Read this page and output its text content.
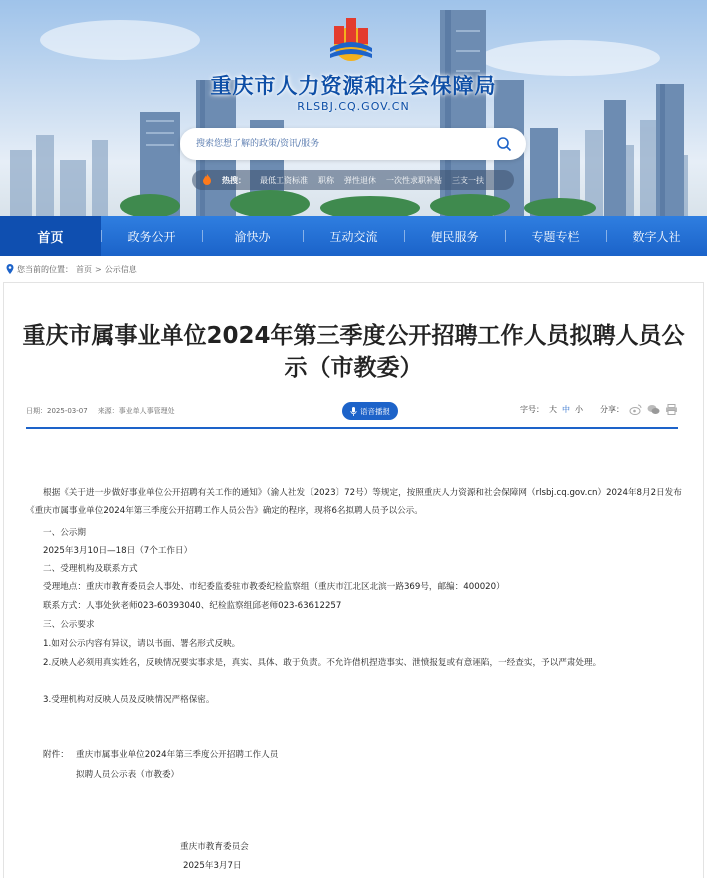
重庆市人力资源和社会保障局
RLSBJ.CQ.GOV.CN
搜索您想了解的政策/资讯/服务
热搜： 最低工资标准 职称 弹性退休 一次性求职补贴 三支一扶
首页	政务公开	渝快办	互动交流	便民服务	专题专栏	数字人社
您当前的位置： 首页 > 公示信息
重庆市属事业单位2024年第三季度公开招聘工作人员拟聘人员公示（市教委）
日期：2025-03-07 来源：事业单人事管理处	语音播报	字号： 大 中 小 分享：

根据《关于进一步做好事业单位公开招聘有关工作的通知》（渝人社发〔2023〕72号）等规定，按照重庆人力资源和社会保障网（rlsbj.cq.gov.cn）2024年8月2日发布《重庆市属事业单位2024年第三季度公开招聘工作人员公告》确定的程序，现将6名拟聘人员予以公示。

一、公示期

2025年3月10日—18日（7个工作日）

二、受理机构及联系方式

受理地点：重庆市教育委员会人事处、市纪委监委驻市教委纪检监察组（重庆市江北区北滨一路369号，邮编：400020）

联系方式：人事处狄老师023-60393040、纪检监察组邱老师023-63612257

三、公示要求

1.如对公示内容有异议，请以书面、署名形式反映。

2.反映人必须用真实姓名，反映情况要实事求是，真实、具体、敢于负责。不允许借机捏造事实、泄愤报复或有意诬陷，一经查实，予以严肃处理。

3.受理机构对反映人员及反映情况严格保密。

附件： 重庆市属事业单位2024年第三季度公开招聘工作人员

拟聘人员公示表（市教委）

重庆市教育委员会

2025年3月7日
